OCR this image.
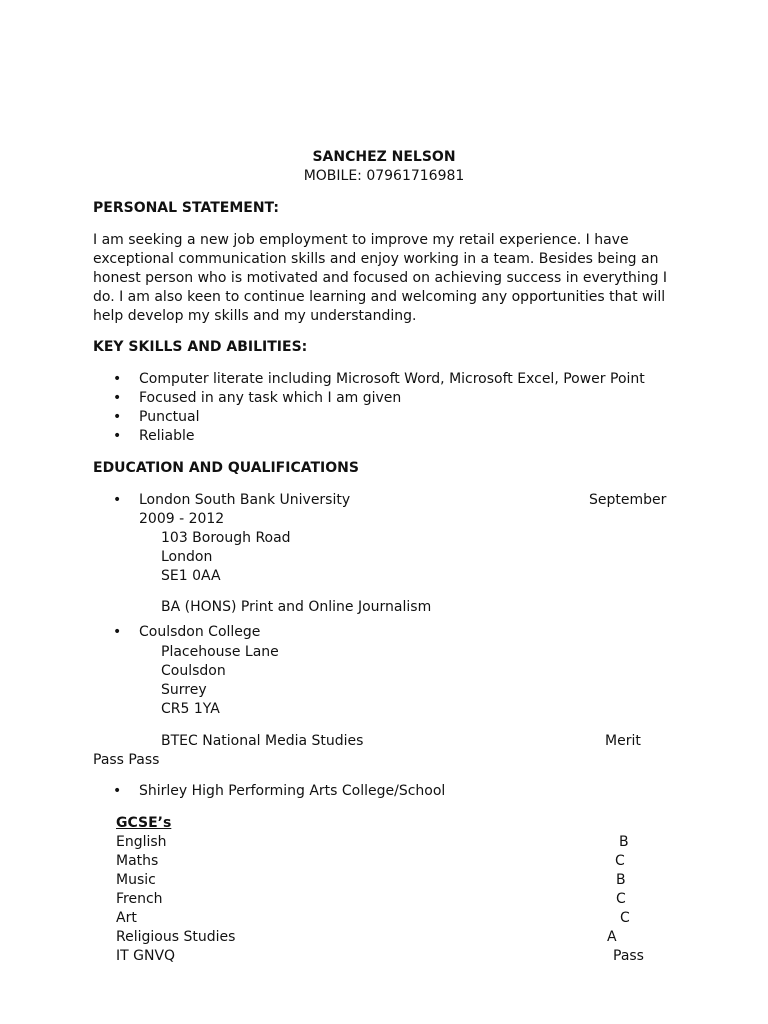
SANCHEZ NELSON
MOBILE: 07961716981
PERSONAL STATEMENT:
I am seeking a new job employment to improve my retail experience. I have exceptional communication skills and enjoy working in a team. Besides being an honest person who is motivated and focused on achieving success in everything I do. I am also keen to continue learning and welcoming any opportunities that will help develop my skills and my understanding.
KEY SKILLS AND ABILITIES:
• Computer literate including Microsoft Word, Microsoft Excel, Power Point
• Focused in any task which I am given
• Punctual
• Reliable
EDUCATION AND QUALIFICATIONS
• London South Bank University	September
2009 - 2012
103 Borough Road
London
SE1 0AA
BA (HONS) Print and Online Journalism
• Coulsdon College
Placehouse Lane
Coulsdon
Surrey
CR5 1YA
BTEC National Media Studies	Merit
Pass Pass
• Shirley High Performing Arts College/School
GCSE’s
English	B
Maths	C
Music	B
French	C
Art	C
Religious Studies	A
IT GNVQ	Pass
